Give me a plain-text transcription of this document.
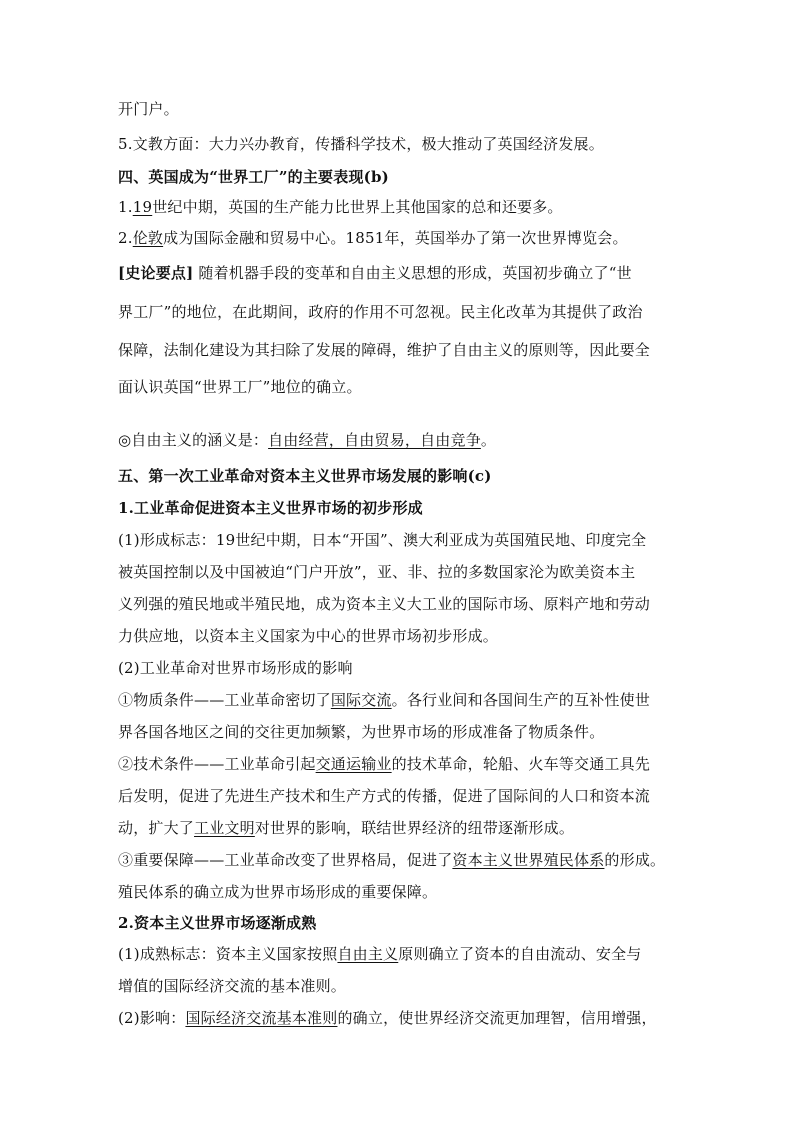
开门户。
5.文教方面：大力兴办教育，传播科学技术，极大推动了英国经济发展。
四、英国成为“世界工厂”的主要表现(b)
1.19世纪中期，英国的生产能力比世界上其他国家的总和还要多。
2.伦敦成为国际金融和贸易中心。1851年，英国举办了第一次世界博览会。
[史论要点] 随着机器手段的变革和自由主义思想的形成，英国初步确立了“世
界工厂”的地位，在此期间，政府的作用不可忽视。民主化改革为其提供了政治
保障，法制化建设为其扫除了发展的障碍，维护了自由主义的原则等，因此要全
面认识英国“世界工厂”地位的确立。
◎自由主义的涵义是：自由经营，自由贸易，自由竞争。
五、第一次工业革命对资本主义世界市场发展的影响(c)
1.工业革命促进资本主义世界市场的初步形成
(1)形成标志：19世纪中期，日本“开国”、澳大利亚成为英国殖民地、印度完全
被英国控制以及中国被迫“门户开放”，亚、非、拉的多数国家沦为欧美资本主
义列强的殖民地或半殖民地，成为资本主义大工业的国际市场、原料产地和劳动
力供应地，以资本主义国家为中心的世界市场初步形成。
(2)工业革命对世界市场形成的影响
①物质条件——工业革命密切了国际交流。各行业间和各国间生产的互补性使世
界各国各地区之间的交往更加频繁，为世界市场的形成准备了物质条件。
②技术条件——工业革命引起交通运输业的技术革命，轮船、火车等交通工具先
后发明，促进了先进生产技术和生产方式的传播，促进了国际间的人口和资本流
动，扩大了工业文明对世界的影响，联结世界经济的纽带逐渐形成。
③重要保障——工业革命改变了世界格局，促进了资本主义世界殖民体系的形成。
殖民体系的确立成为世界市场形成的重要保障。
2.资本主义世界市场逐渐成熟
(1)成熟标志：资本主义国家按照自由主义原则确立了资本的自由流动、安全与
增值的国际经济交流的基本准则。
(2)影响：国际经济交流基本准则的确立，使世界经济交流更加理智，信用增强，
